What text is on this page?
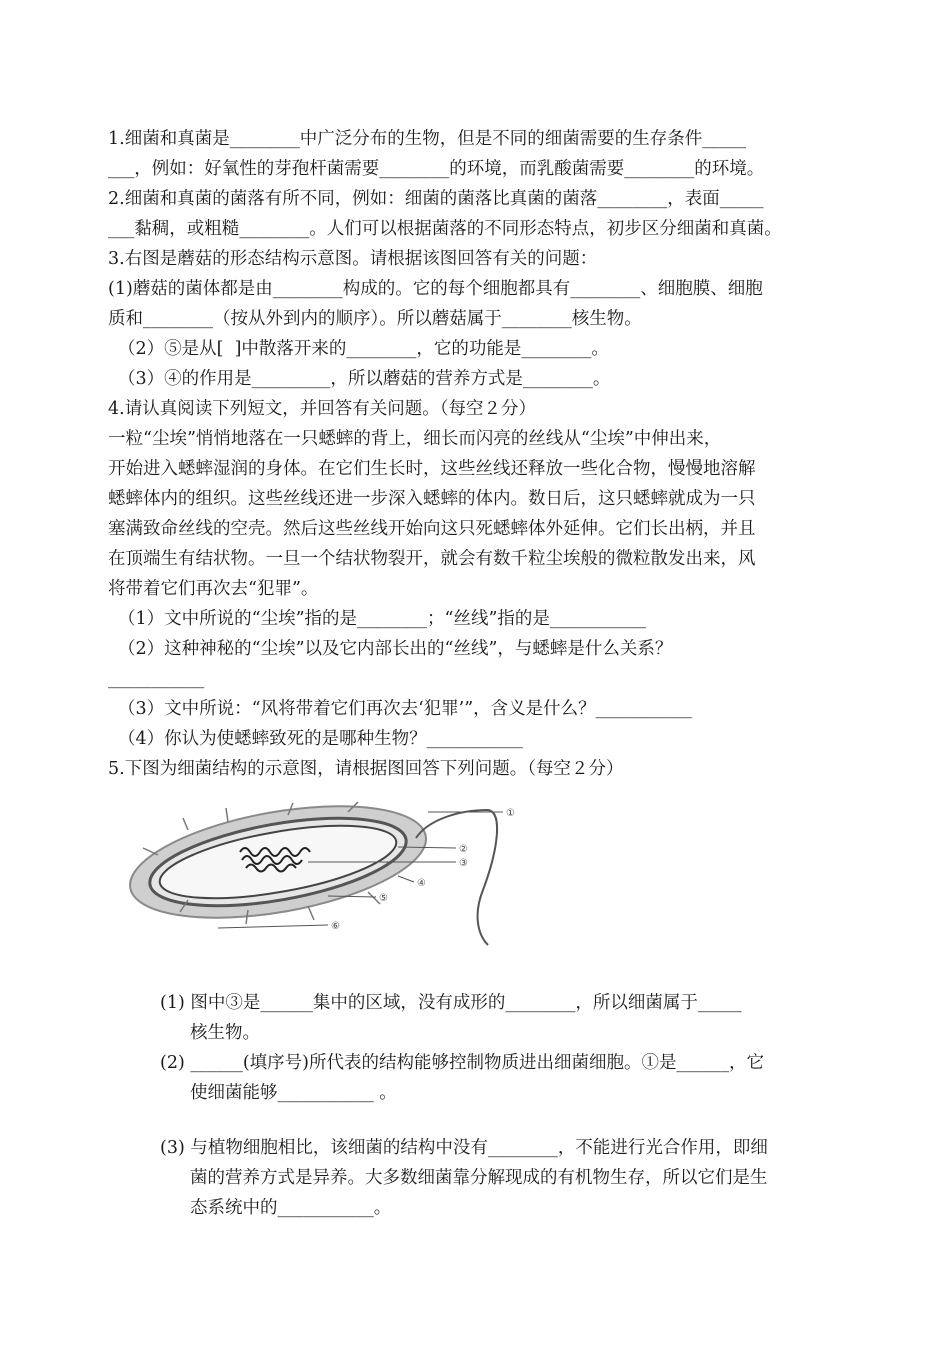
1.细菌和真菌是________中广泛分布的生物，但是不同的细菌需要的生存条件_____
___，例如：好氧性的芽孢杆菌需要________的环境，而乳酸菌需要________的环境。
2.细菌和真菌的菌落有所不同，例如：细菌的菌落比真菌的菌落________，表面_____
___黏稠，或粗糙________。人们可以根据菌落的不同形态特点，初步区分细菌和真菌。
3.右图是蘑菇的形态结构示意图。请根据该图回答有关的问题：
(1)蘑菇的菌体都是由________构成的。它的每个细胞都具有________、细胞膜、细胞
质和________（按从外到内的顺序）。所以蘑菇属于________核生物。
（2）⑤是从[  ]中散落开来的________，它的功能是________。
（3）④的作用是_________，所以蘑菇的营养方式是________。
4.请认真阅读下列短文，并回答有关问题。（每空２分）
一粒“尘埃”悄悄地落在一只蟋蟀的背上，细长而闪亮的丝线从“尘埃”中伸出来，
开始进入蟋蟀湿润的身体。在它们生长时，这些丝线还释放一些化合物，慢慢地溶解
蟋蟀体内的组织。这些丝线还进一步深入蟋蟀的体内。数日后，这只蟋蟀就成为一只
塞满致命丝线的空壳。然后这些丝线开始向这只死蟋蟀体外延伸。它们长出柄，并且
在顶端生有结状物。一旦一个结状物裂开，就会有数千粒尘埃般的微粒散发出来，风
将带着它们再次去“犯罪”。
（1）文中所说的“尘埃”指的是________；“丝线”指的是___________
（2）这种神秘的“尘埃”以及它内部长出的“丝线”，与蟋蟀是什么关系？
___________
（3）文中所说：“风将带着它们再次去‘犯罪’”，含义是什么？___________
（4）你认为使蟋蟀致死的是哪种生物？___________
5.下图为细菌结构的示意图，请根据图回答下列问题。（每空２分）
①
②
③
④
⑤
⑥
(1) 图中③是______集中的区域，没有成形的________，所以细菌属于_____
核生物。
(2) ______(填序号)所代表的结构能够控制物质进出细菌细胞。①是______，它
使细菌能够___________ 。
(3) 与植物细胞相比，该细菌的结构中没有________，不能进行光合作用，即细
菌的营养方式是异养。大多数细菌靠分解现成的有机物生存，所以它们是生
态系统中的___________。
